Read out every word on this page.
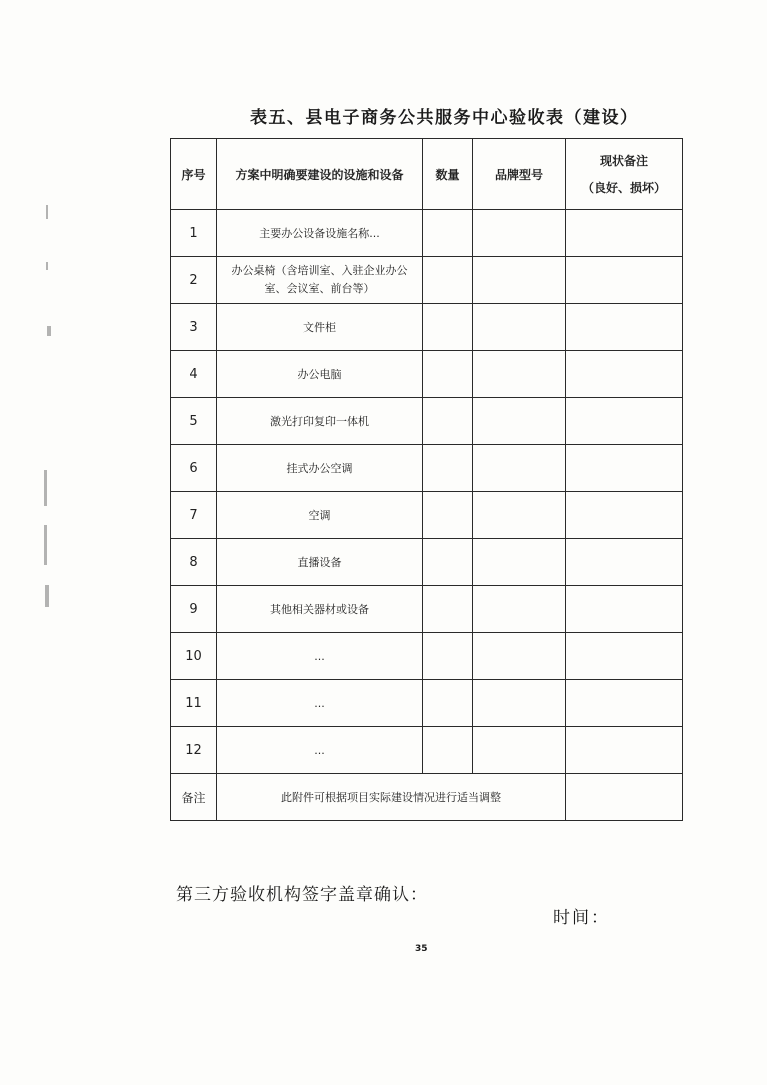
表五、县电子商务公共服务中心验收表（建设）
序号	方案中明确要建设的设施和设备	数量	品牌型号	现状备注
（良好、损坏）

1	主要办公设备设施名称...			
2	办公桌椅（含培训室、入驻企业办公室、会议室、前台等）			
3	文件柜			
4	办公电脑			
5	激光打印复印一体机			
6	挂式办公空调			
7	空调			
8	直播设备			
9	其他相关器材或设备			
10	...			
11	...			
12	...			
备注	此附件可根据项目实际建设情况进行适当调整			
第三方验收机构签字盖章确认：
时间：
35
